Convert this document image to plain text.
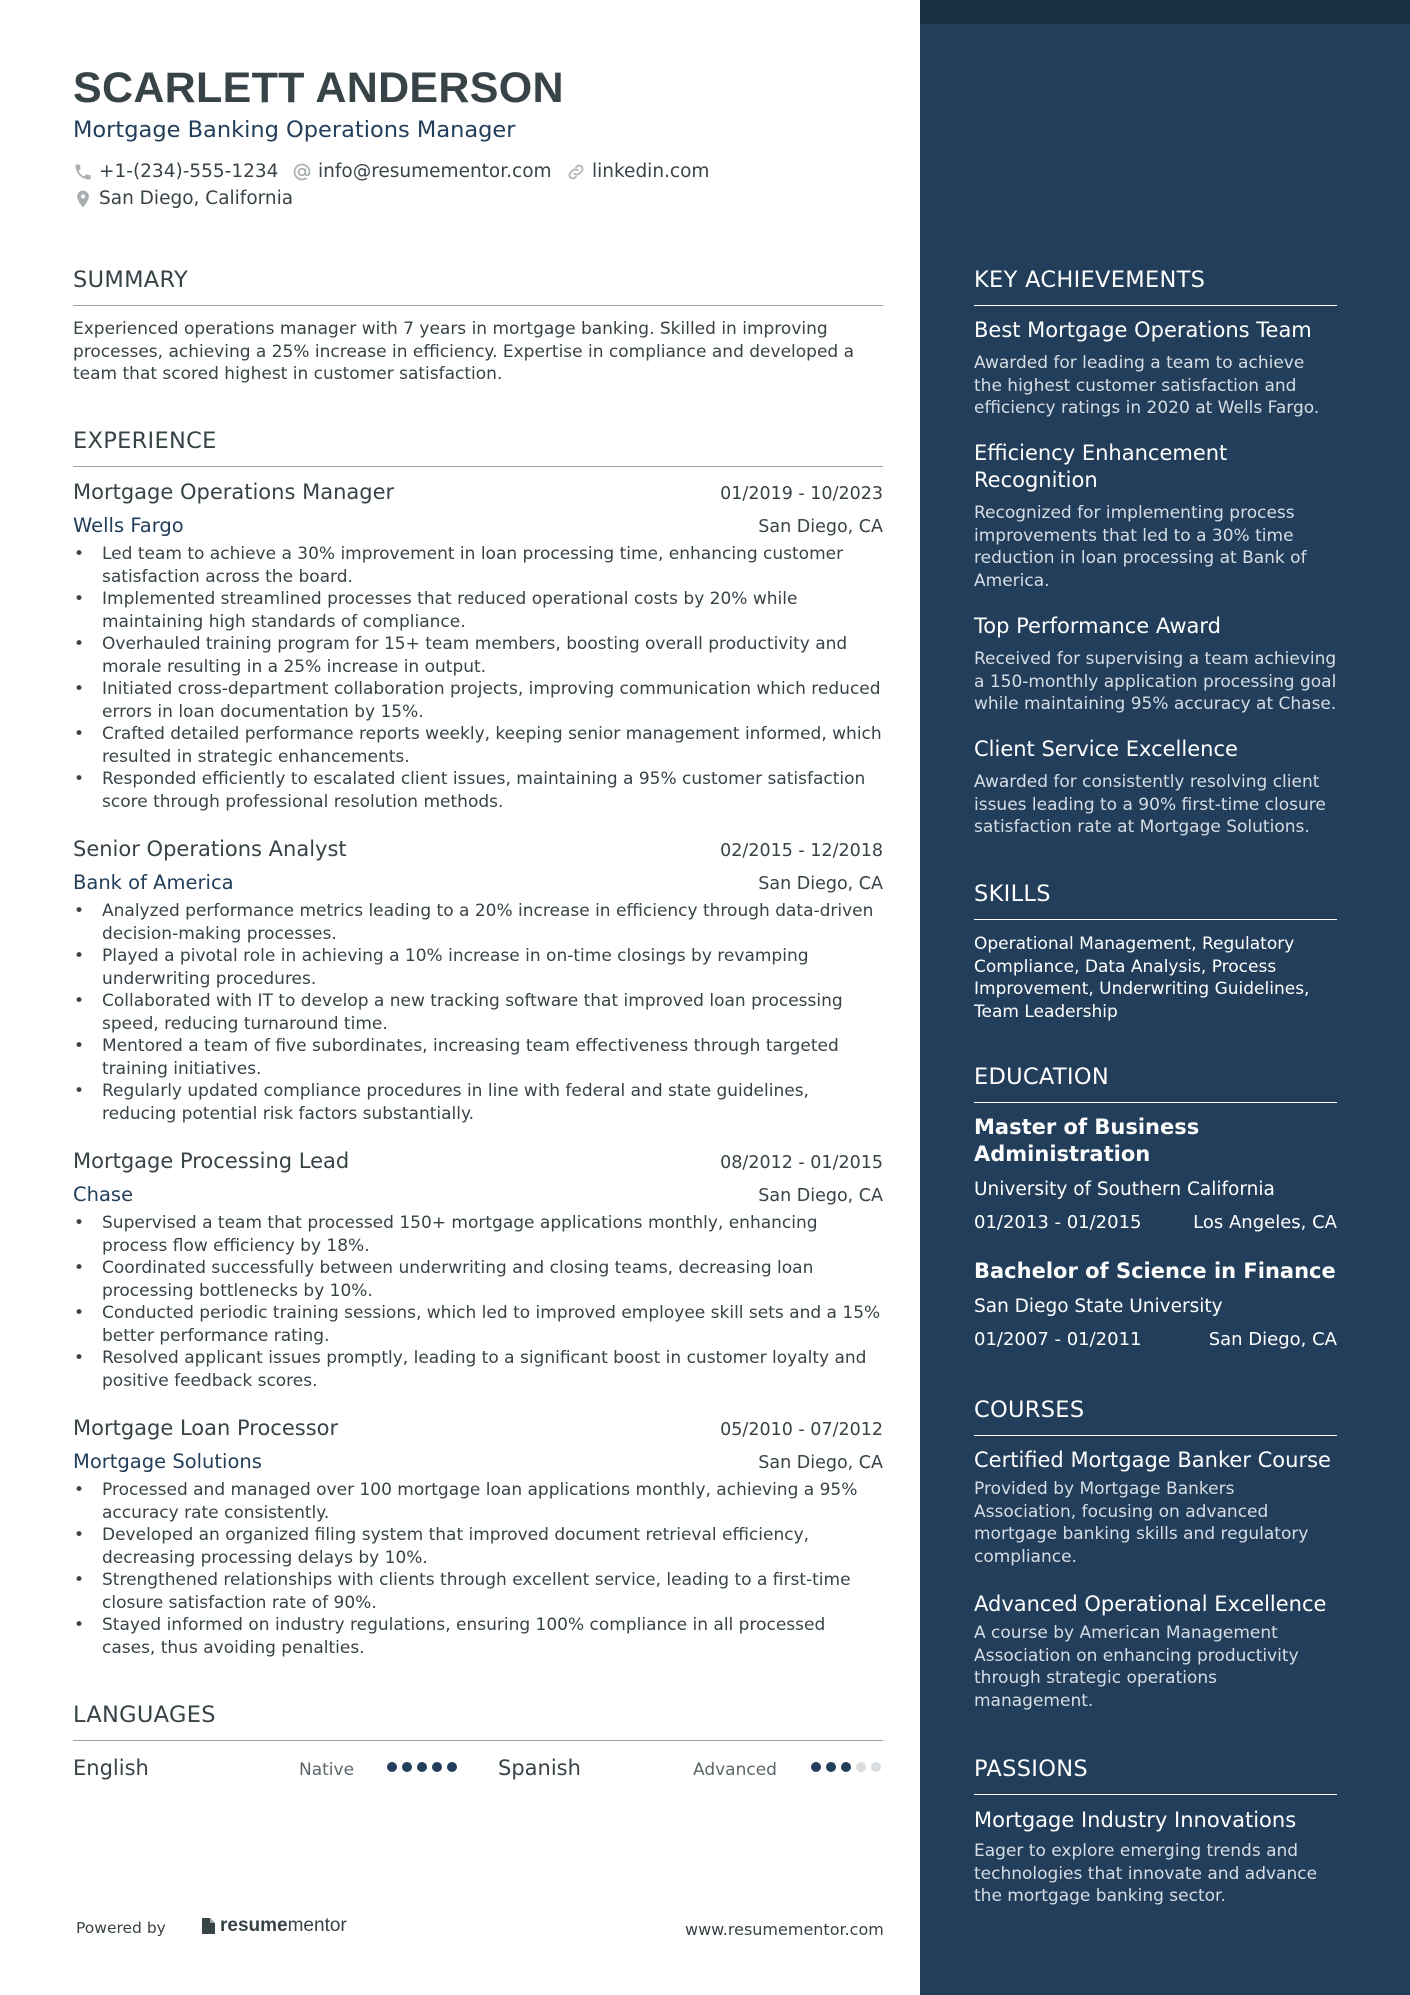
SCARLETT ANDERSON
Mortgage Banking Operations Manager
+1-(234)-555-1234 info@resumementor.com linkedin.com
San Diego, California
SUMMARY
Experienced operations manager with 7 years in mortgage banking. Skilled in improving processes, achieving a 25% increase in efficiency. Expertise in compliance and developed a team that scored highest in customer satisfaction.
EXPERIENCE
Mortgage Operations Manager	01/2019 - 10/2023
Wells Fargo	San Diego, CA
• Led team to achieve a 30% improvement in loan processing time, enhancing customer satisfaction across the board.
• Implemented streamlined processes that reduced operational costs by 20% while maintaining high standards of compliance.
• Overhauled training program for 15+ team members, boosting overall productivity and morale resulting in a 25% increase in output.
• Initiated cross-department collaboration projects, improving communication which reduced errors in loan documentation by 15%.
• Crafted detailed performance reports weekly, keeping senior management informed, which resulted in strategic enhancements.
• Responded efficiently to escalated client issues, maintaining a 95% customer satisfaction score through professional resolution methods.
Senior Operations Analyst	02/2015 - 12/2018
Bank of America	San Diego, CA
• Analyzed performance metrics leading to a 20% increase in efficiency through data-driven decision-making processes.
• Played a pivotal role in achieving a 10% increase in on-time closings by revamping underwriting procedures.
• Collaborated with IT to develop a new tracking software that improved loan processing speed, reducing turnaround time.
• Mentored a team of five subordinates, increasing team effectiveness through targeted training initiatives.
• Regularly updated compliance procedures in line with federal and state guidelines, reducing potential risk factors substantially.
Mortgage Processing Lead	08/2012 - 01/2015
Chase	San Diego, CA
• Supervised a team that processed 150+ mortgage applications monthly, enhancing process flow efficiency by 18%.
• Coordinated successfully between underwriting and closing teams, decreasing loan processing bottlenecks by 10%.
• Conducted periodic training sessions, which led to improved employee skill sets and a 15% better performance rating.
• Resolved applicant issues promptly, leading to a significant boost in customer loyalty and positive feedback scores.
Mortgage Loan Processor	05/2010 - 07/2012
Mortgage Solutions	San Diego, CA
• Processed and managed over 100 mortgage loan applications monthly, achieving a 95% accuracy rate consistently.
• Developed an organized filing system that improved document retrieval efficiency, decreasing processing delays by 10%.
• Strengthened relationships with clients through excellent service, leading to a first-time closure satisfaction rate of 90%.
• Stayed informed on industry regulations, ensuring 100% compliance in all processed cases, thus avoiding penalties.
LANGUAGES
English	Native	Spanish	Advanced
Powered by	resume mentor	www.resumementor.com
KEY ACHIEVEMENTS
Best Mortgage Operations Team
Awarded for leading a team to achieve the highest customer satisfaction and efficiency ratings in 2020 at Wells Fargo.
Efficiency Enhancement Recognition
Recognized for implementing process improvements that led to a 30% time reduction in loan processing at Bank of America.
Top Performance Award
Received for supervising a team achieving a 150-monthly application processing goal while maintaining 95% accuracy at Chase.
Client Service Excellence
Awarded for consistently resolving client issues leading to a 90% first-time closure satisfaction rate at Mortgage Solutions.
SKILLS
Operational Management, Regulatory Compliance, Data Analysis, Process Improvement, Underwriting Guidelines, Team Leadership
EDUCATION
Master of Business Administration
University of Southern California
01/2013 - 01/2015	Los Angeles, CA
Bachelor of Science in Finance
San Diego State University
01/2007 - 01/2011	San Diego, CA
COURSES
Certified Mortgage Banker Course
Provided by Mortgage Bankers Association, focusing on advanced mortgage banking skills and regulatory compliance.
Advanced Operational Excellence
A course by American Management Association on enhancing productivity through strategic operations management.
PASSIONS
Mortgage Industry Innovations
Eager to explore emerging trends and technologies that innovate and advance the mortgage banking sector.
